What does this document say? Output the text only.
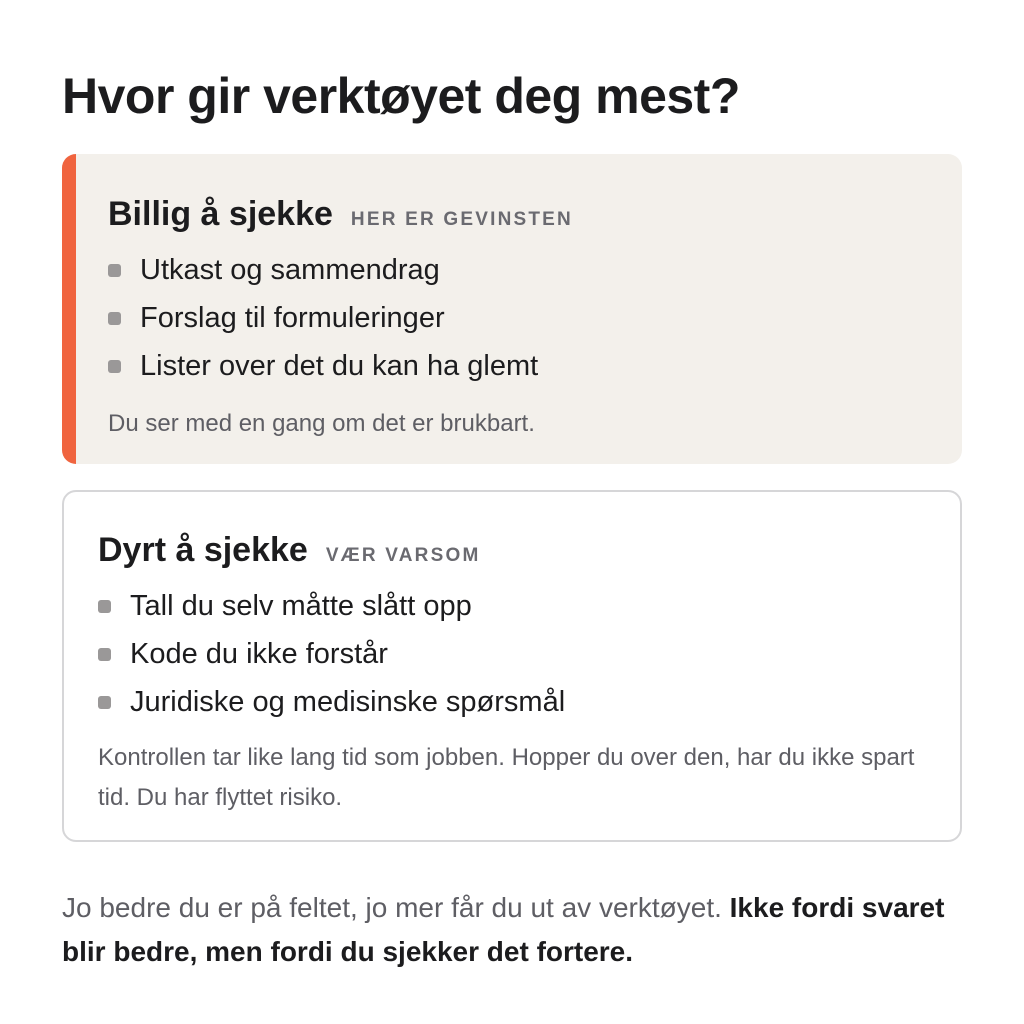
Hvor gir verktøyet deg mest?
Billig å sjekke HER ER GEVINSTEN
Utkast og sammendrag
Forslag til formuleringer
Lister over det du kan ha glemt
Du ser med en gang om det er brukbart.
Dyrt å sjekke VÆR VARSOM
Tall du selv måtte slått opp
Kode du ikke forstår
Juridiske og medisinske spørsmål
Kontrollen tar like lang tid som jobben. Hopper du over den, har du ikke spart tid. Du har flyttet risiko.

Jo bedre du er på feltet, jo mer får du ut av verktøyet. Ikke fordi svaret blir bedre, men fordi du sjekker det fortere.
